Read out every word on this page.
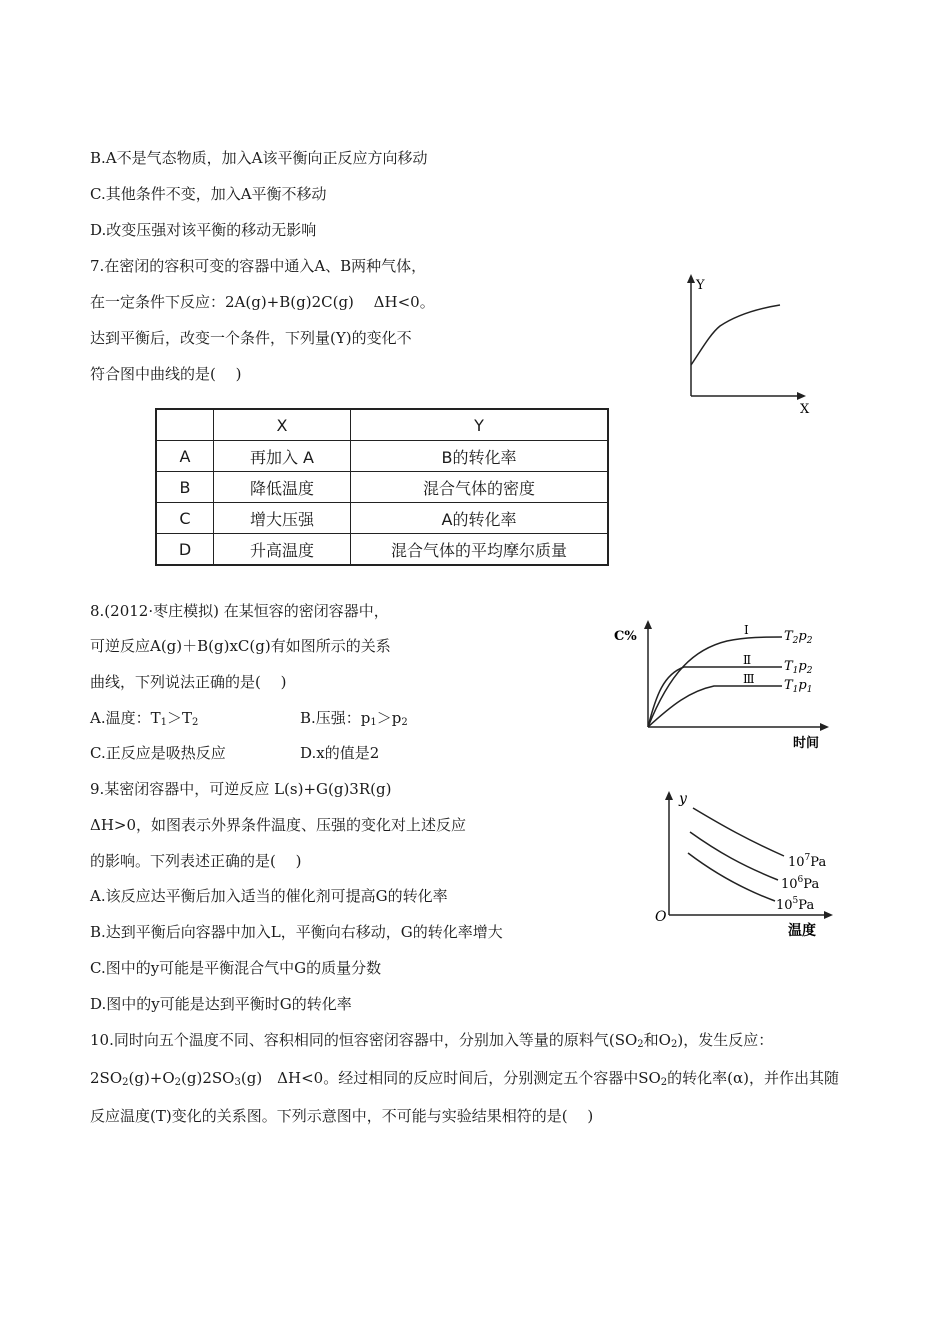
B.A不是气态物质，加入A该平衡向正反应方向移动
C.其他条件不变，加入A平衡不移动
D.改变压强对该平衡的移动无影响
7.在密闭的容积可变的容器中通入A、B两种气体，
在一定条件下反应：2A(g)+B(g)2C(g)　 ΔH<0。
达到平衡后，改变一个条件，下列量(Y)的变化不
符合图中曲线的是(　 )
Y
X
	X	Y
A	再加入 A	B的转化率
B	降低温度	混合气体的密度
C	增大压强	A的转化率
D	升高温度	混合气体的平均摩尔质量
8.(2012·枣庄模拟) 在某恒容的密闭容器中，
可逆反应A(g)＋B(g)xC(g)有如图所示的关系
曲线，下列说法正确的是(　 )
A.温度：$T_1>T_2$	B.压强：$p_1>p_2$
C.正反应是吸热反应	D.x的值是2
C%
时间
Ⅰ
Ⅱ
Ⅲ
$T_2p_2$
$T_1p_2$
$T_1p_1$
9.某密闭容器中，可逆反应 L(s)+G(g)3R(g)
ΔH>0，如图表示外界条件温度、压强的变化对上述反应
的影响。下列表述正确的是(　 )
A.该反应达平衡后加入适当的催化剂可提高G的转化率
B.达到平衡后向容器中加入L，平衡向右移动，G的转化率增大
C.图中的y可能是平衡混合气中G的质量分数
D.图中的y可能是达到平衡时G的转化率
y
O
温度
$10^7Pa$
$10^6Pa$
$10^5Pa$
10.同时向五个温度不同、容积相同的恒容密闭容器中，分别加入等量的原料气($SO_2$和$O_2$)，发生反应：
$2SO_2(g)+O_2(g)2SO_3(g)$　ΔH<0。经过相同的反应时间后，分别测定五个容器中$SO_2$的转化率(α)，并作出其随
反应温度(T)变化的关系图。下列示意图中，不可能与实验结果相符的是(　 )
